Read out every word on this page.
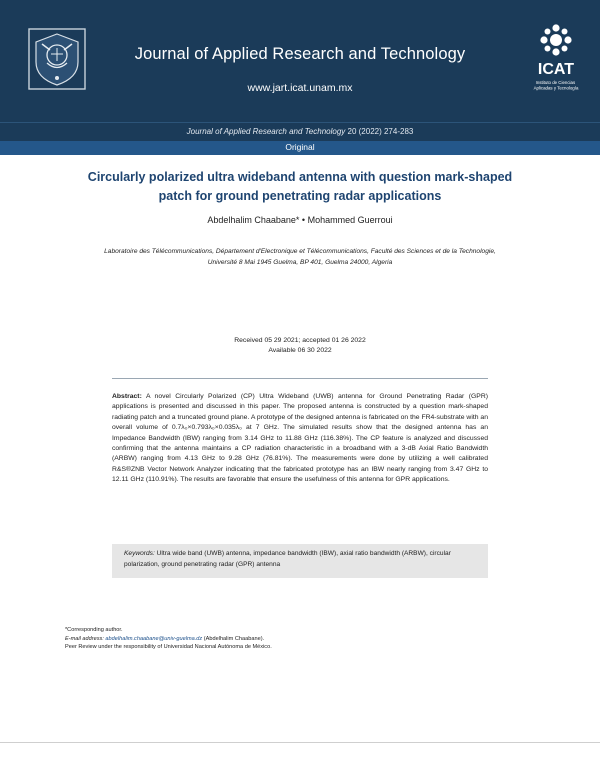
Journal of Applied Research and Technology
www.jart.icat.unam.mx
ICAT
Instituto de Ciencias Aplicadas y Tecnología
Journal of Applied Research and Technology 20 (2022) 274-283
Original
Circularly polarized ultra wideband antenna with question mark-shaped patch for ground penetrating radar applications
Abdelhalim Chaabane* • Mohammed Guerroui
Laboratoire des Télécommunications, Département d'Electronique et Télécommunications, Faculté des Sciences et de la Technologie, Université 8 Mai 1945 Guelma, BP 401, Guelma 24000, Algeria
Received 05 29 2021; accepted 01 26 2022
Available 06 30 2022
Abstract: A novel Circularly Polarized (CP) Ultra Wideband (UWB) antenna for Ground Penetrating Radar (GPR) applications is presented and discussed in this paper. The proposed antenna is constructed by a question mark-shaped radiating patch and a truncated ground plane. A prototype of the designed antenna is fabricated on the FR4-substrate with an overall volume of 0.7λ₀×0.793λ₀×0.035λ₀ at 7 GHz. The simulated results show that the designed antenna has an Impedance Bandwidth (IBW) ranging from 3.14 GHz to 11.88 GHz (116.38%). The CP feature is analyzed and discussed confirming that the antenna maintains a CP radiation characteristic in a broadband with a 3-dB Axial Ratio Bandwidth (ARBW) ranging from 4.13 GHz to 9.28 GHz (76.81%). The measurements were done by utilizing a well calibrated R&S®ZNB Vector Network Analyzer indicating that the fabricated prototype has an IBW nearly ranging from 3.47 GHz to 12.11 GHz (110.91%). The results are favorable that ensure the usefulness of this antenna for GPR applications.
Keywords: Ultra wide band (UWB) antenna, impedance bandwidth (IBW), axial ratio bandwidth (ARBW), circular polarization, ground penetrating radar (GPR) antenna
*Corresponding author.
E-mail address: abdelhalim.chaabane@univ-guelma.dz (Abdelhalim Chaabane).
Peer Review under the responsibility of Universidad Nacional Autónoma de México.
